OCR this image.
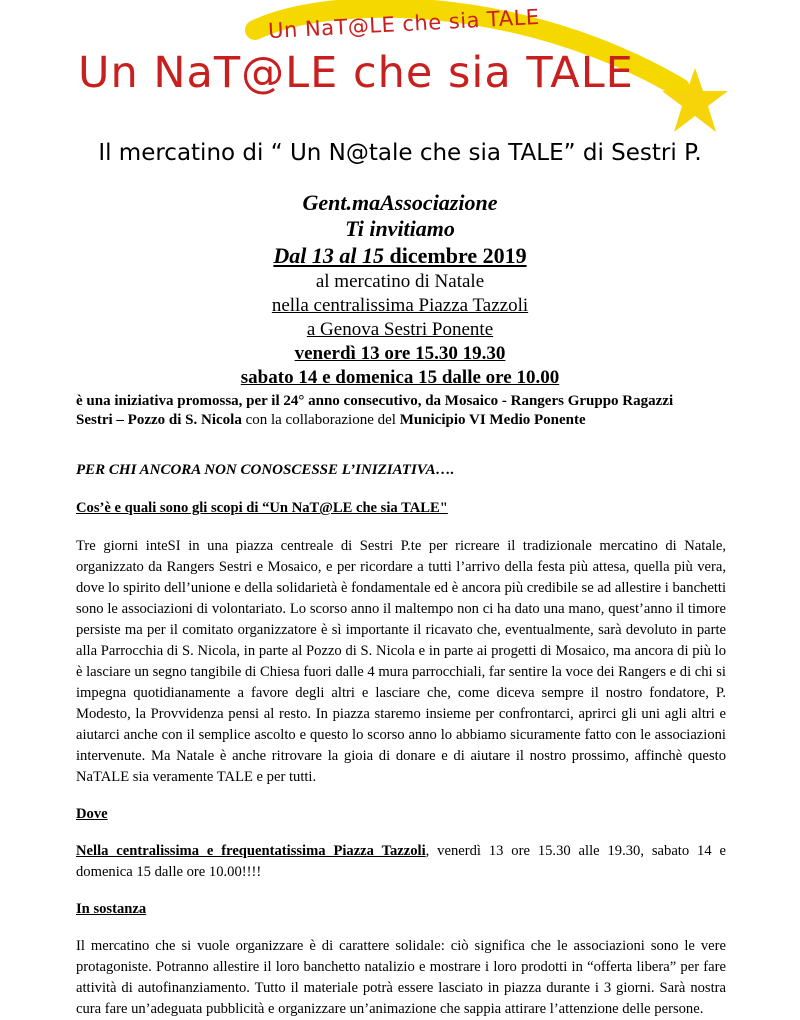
Un NaT@LE che sia TALE
Un NaT@LE che sia TALE
Il mercatino di “ Un N@tale che sia TALE” di Sestri P.
Gent.maAssociazione
Ti invitiamo
Dal 13 al 15 dicembre 2019
al mercatino di Natale
nella centralissima Piazza Tazzoli
a Genova Sestri Ponente
venerdì 13 ore 15.30 19.30
sabato 14 e domenica 15 dalle ore 10.00
è una iniziativa promossa, per il 24° anno consecutivo, da Mosaico - Rangers Gruppo Ragazzi
Sestri – Pozzo di S. Nicola con la collaborazione del Municipio VI Medio Ponente

PER CHI ANCORA NON CONOSCESSE L’INIZIATIVA….

Cos’è e quali sono gli scopi di “Un NaT@LE che sia TALE"

Tre giorni inteSI in una piazza centreale di Sestri P.te per ricreare il tradizionale mercatino di Natale, organizzato da Rangers Sestri e Mosaico, e per ricordare a tutti l’arrivo della festa più attesa, quella più vera, dove lo spirito dell’unione e della solidarietà è fondamentale ed è ancora più credibile se ad allestire i banchetti sono le associazioni di volontariato. Lo scorso anno il maltempo non ci ha dato una mano, quest’anno il timore persiste ma per il comitato organizzatore è sì importante il ricavato che, eventualmente, sarà devoluto in parte alla Parrocchia di S. Nicola, in parte al Pozzo di S. Nicola e in parte ai progetti di Mosaico, ma ancora di più lo è lasciare un segno tangibile di Chiesa fuori dalle 4 mura parrocchiali, far sentire la voce dei Rangers e di chi si impegna quotidianamente a favore degli altri e lasciare che, come diceva sempre il nostro fondatore, P. Modesto, la Provvidenza pensi al resto. In piazza staremo insieme per confrontarci, aprirci gli uni agli altri e aiutarci anche con il semplice ascolto e questo lo scorso anno lo abbiamo sicuramente fatto con le associazioni intervenute. Ma Natale è anche ritrovare la gioia di donare e di aiutare il nostro prossimo, affinchè questo NaTALE sia veramente TALE e per tutti.

Dove

Nella centralissima e frequentatissima Piazza Tazzoli, venerdì 13 ore 15.30 alle 19.30, sabato 14 e domenica 15 dalle ore 10.00!!!!

In sostanza

Il mercatino che si vuole organizzare è di carattere solidale: ciò significa che le associazioni sono le vere protagoniste. Potranno allestire il loro banchetto natalizio e mostrare i loro prodotti in “offerta libera” per fare attività di autofinanziamento. Tutto il materiale potrà essere lasciato in piazza durante i 3 giorni. Sarà nostra cura fare un’adeguata pubblicità e organizzare un’animazione che sappia attirare l’attenzione delle persone.
